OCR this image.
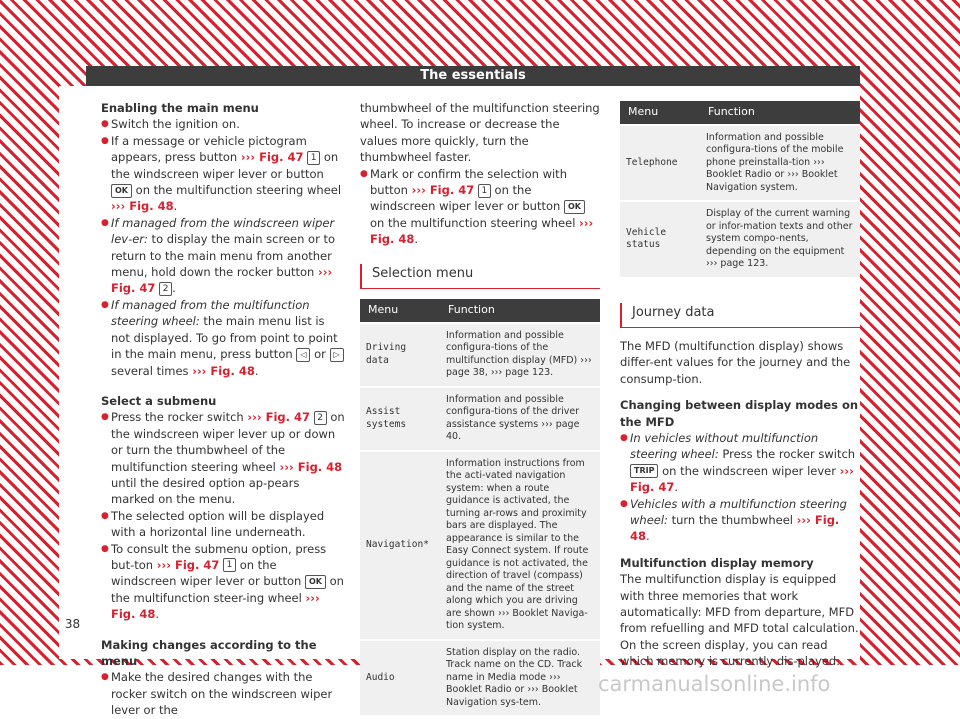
The essentials
38

Enabling the main menu

● Switch the ignition on.

● If a message or vehicle pictogram appears, press button ››› Fig. 47 1 on the windscreen wiper lever or button OK on the multifunction steering wheel ››› Fig. 48.

● If managed from the windscreen wiper lev-er: to display the main screen or to return to the main menu from another menu, hold down the rocker button ››› Fig. 47 2 .

● If managed from the multifunction steering wheel: the main menu list is not displayed. To go from point to point in the main menu, press button ◁ or ▷ several times ››› Fig. 48.

Select a submenu

● Press the rocker switch ››› Fig. 47 2 on the windscreen wiper lever up or down or turn the thumbwheel of the multifunction steering wheel ››› Fig. 48 until the desired option ap-pears marked on the menu.

● The selected option will be displayed with a horizontal line underneath.

● To consult the submenu option, press but-ton ››› Fig. 47 1 on the windscreen wiper lever or button OK on the multifunction steer-ing wheel ››› Fig. 48.

Making changes according to the menu

● Make the desired changes with the rocker switch on the windscreen wiper lever or the

thumbwheel of the multifunction steering wheel. To increase or decrease the values more quickly, turn the thumbwheel faster.

● Mark or confirm the selection with button ››› Fig. 47 1 on the windscreen wiper lever or button OK on the multifunction steering wheel ››› Fig. 48.

Selection menu
Menu	Function
Driving data	Information and possible configura-tions of the multifunction display (MFD) ››› page 38, ››› page 123.
Assist systems	Information and possible configura-tions of the driver assistance systems ››› page 40.
Navigation*	Information instructions from the acti-vated navigation system: when a route guidance is activated, the turning ar-rows and proximity bars are displayed. The appearance is similar to the Easy Connect system. If route guidance is not activated, the direction of travel (compass) and the name of the street along which you are driving are shown ››› Booklet Naviga-tion system.
Audio	Station display on the radio. Track name on the CD. Track name in Media mode ››› Booklet Radio or ››› Booklet Navigation sys-tem.
Menu	Function
Telephone	Information and possible configura-tions of the mobile phone preinstalla-tion ››› Booklet Radio or ››› Booklet Navigation system.
Vehicle status	Display of the current warning or infor-mation texts and other system compo-nents, depending on the equipment ››› page 123.
Journey data

The MFD (multifunction display) shows differ-ent values for the journey and the consump-tion.

Changing between display modes on the MFD

● In vehicles without multifunction steering wheel: Press the rocker switch TRIP on the windscreen wiper lever ››› Fig. 47.

● Vehicles with a multifunction steering wheel: turn the thumbwheel ››› Fig. 48.

Multifunction display memory

The multifunction display is equipped with three memories that work automatically: MFD from departure, MFD from refuelling and MFD total calculation. On the screen display, you can read which memory is currently dis-played.

carmanualsonline.info
